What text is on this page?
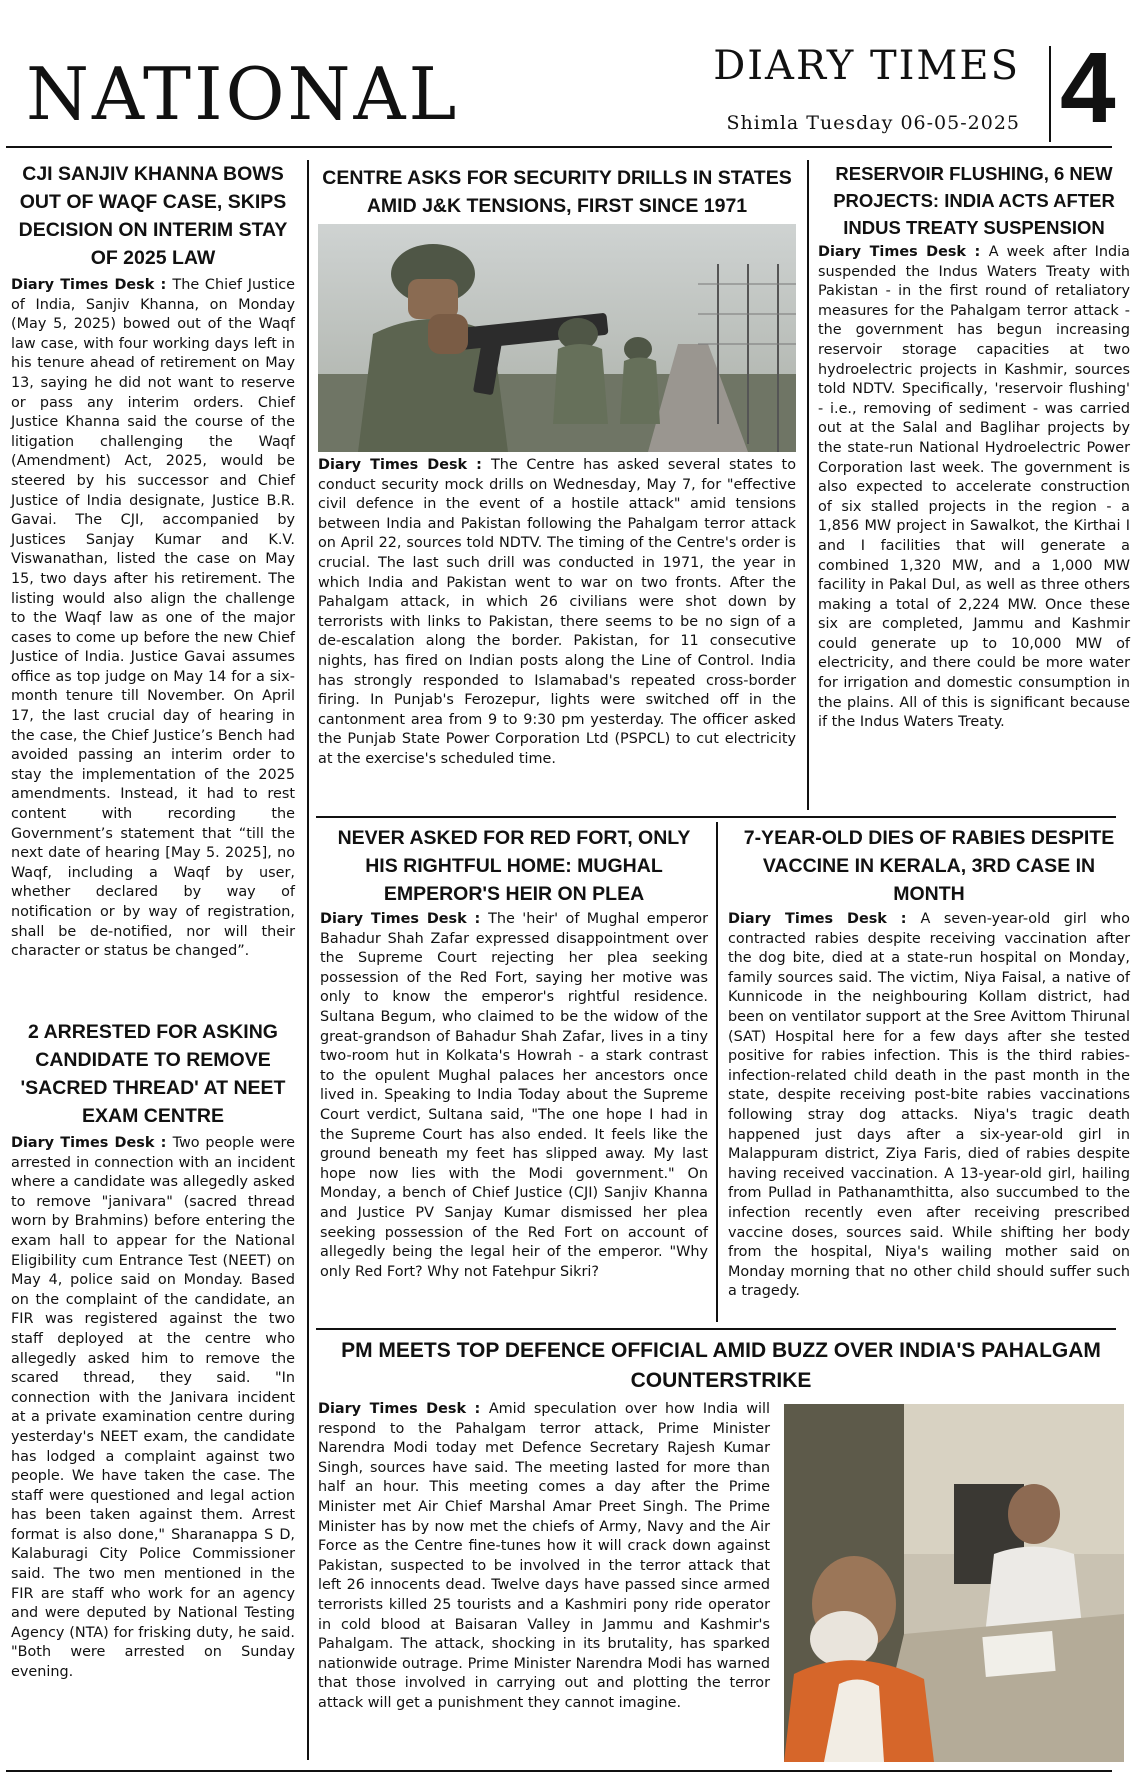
NATIONAL	DIARY TIMES
Shimla Tuesday 06-05-2025 4
CJI SANJIV KHANNA BOWS OUT OF WAQF CASE, SKIPS DECISION ON INTERIM STAY OF 2025 LAW

Diary Times Desk : The Chief Justice of India, Sanjiv Khanna, on Monday (May 5, 2025) bowed out of the Waqf law case, with four working days left in his tenure ahead of retirement on May 13, saying he did not want to reserve or pass any interim orders. Chief Justice Khanna said the course of the litigation challenging the Waqf (Amendment) Act, 2025, would be steered by his successor and Chief Justice of India designate, Justice B.R. Gavai. The CJI, accompanied by Justices Sanjay Kumar and K.V. Viswanathan, listed the case on May 15, two days after his retirement. The listing would also align the challenge to the Waqf law as one of the major cases to come up before the new Chief Justice of India. Justice Gavai assumes office as top judge on May 14 for a six-month tenure till November. On April 17, the last crucial day of hearing in the case, the Chief Justice’s Bench had avoided passing an interim order to stay the implementation of the 2025 amendments. Instead, it had to rest content with recording the Government’s statement that “till the next date of hearing [May 5. 2025], no Waqf, including a Waqf by user, whether declared by way of notification or by way of registration, shall be de-notified, nor will their character or status be changed”.

2 ARRESTED FOR ASKING CANDIDATE TO REMOVE 'SACRED THREAD' AT NEET EXAM CENTRE

Diary Times Desk : Two people were arrested in connection with an incident where a candidate was allegedly asked to remove "janivara" (sacred thread worn by Brahmins) before entering the exam hall to appear for the National Eligibility cum Entrance Test (NEET) on May 4, police said on Monday. Based on the complaint of the candidate, an FIR was registered against the two staff deployed at the centre who allegedly asked him to remove the scared thread, they said. "In connection with the Janivara incident at a private examination centre during yesterday's NEET exam, the candidate has lodged a complaint against two people. We have taken the case. The staff were questioned and legal action has been taken against them. Arrest format is also done," Sharanappa S D, Kalaburagi City Police Commissioner said. The two men mentioned in the FIR are staff who work for an agency and were deputed by National Testing Agency (NTA) for frisking duty, he said. "Both were arrested on Sunday evening.

CENTRE ASKS FOR SECURITY DRILLS IN STATES AMID J&K TENSIONS, FIRST SINCE 1971

Diary Times Desk : The Centre has asked several states to conduct security mock drills on Wednesday, May 7, for "effective civil defence in the event of a hostile attack" amid tensions between India and Pakistan following the Pahalgam terror attack on April 22, sources told NDTV. The timing of the Centre's order is crucial. The last such drill was conducted in 1971, the year in which India and Pakistan went to war on two fronts. After the Pahalgam attack, in which 26 civilians were shot down by terrorists with links to Pakistan, there seems to be no sign of a de-escalation along the border. Pakistan, for 11 consecutive nights, has fired on Indian posts along the Line of Control. India has strongly responded to Islamabad's repeated cross-border firing. In Punjab's Ferozepur, lights were switched off in the cantonment area from 9 to 9:30 pm yesterday. The officer asked the Punjab State Power Corporation Ltd (PSPCL) to cut electricity at the exercise's scheduled time.

RESERVOIR FLUSHING, 6 NEW PROJECTS: INDIA ACTS AFTER INDUS TREATY SUSPENSION

Diary Times Desk : A week after India suspended the Indus Waters Treaty with Pakistan - in the first round of retaliatory measures for the Pahalgam terror attack - the government has begun increasing reservoir storage capacities at two hydroelectric projects in Kashmir, sources told NDTV. Specifically, 'reservoir flushing' - i.e., removing of sediment - was carried out at the Salal and Baglihar projects by the state-run National Hydroelectric Power Corporation last week. The government is also expected to accelerate construction of six stalled projects in the region - a 1,856 MW project in Sawalkot, the Kirthai I and I facilities that will generate a combined 1,320 MW, and a 1,000 MW facility in Pakal Dul, as well as three others making a total of 2,224 MW. Once these six are completed, Jammu and Kashmir could generate up to 10,000 MW of electricity, and there could be more water for irrigation and domestic consumption in the plains. All of this is significant because if the Indus Waters Treaty.

NEVER ASKED FOR RED FORT, ONLY HIS RIGHTFUL HOME: MUGHAL EMPEROR'S HEIR ON PLEA

Diary Times Desk : The 'heir' of Mughal emperor Bahadur Shah Zafar expressed disappointment over the Supreme Court rejecting her plea seeking possession of the Red Fort, saying her motive was only to know the emperor's rightful residence. Sultana Begum, who claimed to be the widow of the great-grandson of Bahadur Shah Zafar, lives in a tiny two-room hut in Kolkata's Howrah - a stark contrast to the opulent Mughal palaces her ancestors once lived in. Speaking to India Today about the Supreme Court verdict, Sultana said, "The one hope I had in the Supreme Court has also ended. It feels like the ground beneath my feet has slipped away. My last hope now lies with the Modi government." On Monday, a bench of Chief Justice (CJI) Sanjiv Khanna and Justice PV Sanjay Kumar dismissed her plea seeking possession of the Red Fort on account of allegedly being the legal heir of the emperor. "Why only Red Fort? Why not Fatehpur Sikri?

7-YEAR-OLD DIES OF RABIES DESPITE VACCINE IN KERALA, 3RD CASE IN MONTH

Diary Times Desk : A seven-year-old girl who contracted rabies despite receiving vaccination after the dog bite, died at a state-run hospital on Monday, family sources said. The victim, Niya Faisal, a native of Kunnicode in the neighbouring Kollam district, had been on ventilator support at the Sree Avittom Thirunal (SAT) Hospital here for a few days after she tested positive for rabies infection. This is the third rabies-infection-related child death in the past month in the state, despite receiving post-bite rabies vaccinations following stray dog attacks. Niya's tragic death happened just days after a six-year-old girl in Malappuram district, Ziya Faris, died of rabies despite having received vaccination. A 13-year-old girl, hailing from Pullad in Pathanamthitta, also succumbed to the infection recently even after receiving prescribed vaccine doses, sources said. While shifting her body from the hospital, Niya's wailing mother said on Monday morning that no other child should suffer such a tragedy.

PM MEETS TOP DEFENCE OFFICIAL AMID BUZZ OVER INDIA'S PAHALGAM COUNTERSTRIKE

Diary Times Desk : Amid speculation over how India will respond to the Pahalgam terror attack, Prime Minister Narendra Modi today met Defence Secretary Rajesh Kumar Singh, sources have said. The meeting lasted for more than half an hour. This meeting comes a day after the Prime Minister met Air Chief Marshal Amar Preet Singh. The Prime Minister has by now met the chiefs of Army, Navy and the Air Force as the Centre fine-tunes how it will crack down against Pakistan, suspected to be involved in the terror attack that left 26 innocents dead. Twelve days have passed since armed terrorists killed 25 tourists and a Kashmiri pony ride operator in cold blood at Baisaran Valley in Jammu and Kashmir's Pahalgam. The attack, shocking in its brutality, has sparked nationwide outrage. Prime Minister Narendra Modi has warned that those involved in carrying out and plotting the terror attack will get a punishment they cannot imagine.
